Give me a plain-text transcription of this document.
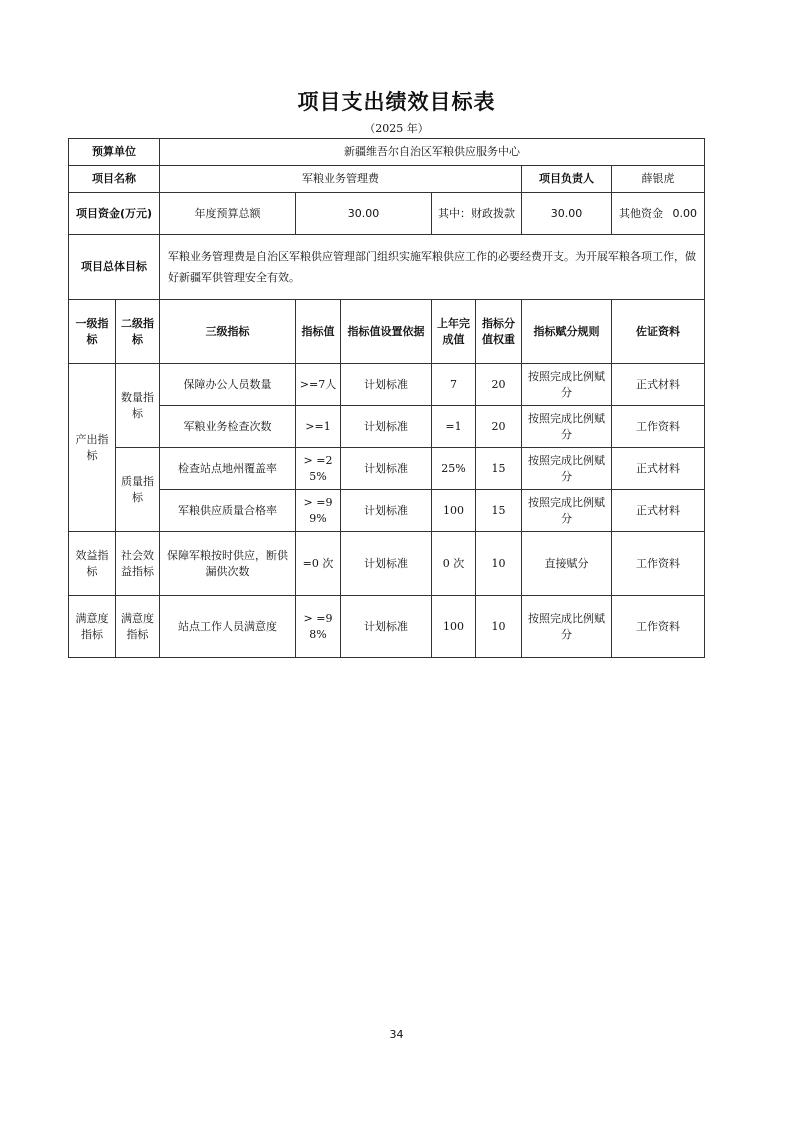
项目支出绩效目标表
（2025 年）
预算单位		新疆维吾尔自治区军粮供应服务中心						
项目名称		军粮业务管理费					项目负责人	薛银虎
项目资金(万元)		年度预算总额	30.00		其中：财政拨款		30.00	其他资金 0.00

项目总体目标		军粮业务管理费是自治区军粮供应管理部门组织实施军粮供应工作的必要经费开支。为开展军粮各项工作，做好新疆军供管理安全有效。						
一级指标	二级指标	三级指标	指标值	指标值设置依据	上年完成值	指标分值权重	指标赋分规则	佐证资料
产出指标	数量指标	保障办公人员数量	>=7人	计划标准	7	20	按照完成比例赋分	正式材料
		军粮业务检查次数	>=1	计划标准	=1	20	按照完成比例赋分	工作资料
	质量指标	检查站点地州覆盖率	> =25%	计划标准	25%	15	按照完成比例赋分	正式材料
		军粮供应质量合格率	> =99%	计划标准	100	15	按照完成比例赋分	正式材料
效益指标	社会效益指标	保障军粮按时供应，断供漏供次数	=0 次	计划标准	0 次	10	直接赋分	工作资料
满意度指标	满意度指标	站点工作人员满意度	> =98%	计划标准	100	10	按照完成比例赋分	工作资料
34
